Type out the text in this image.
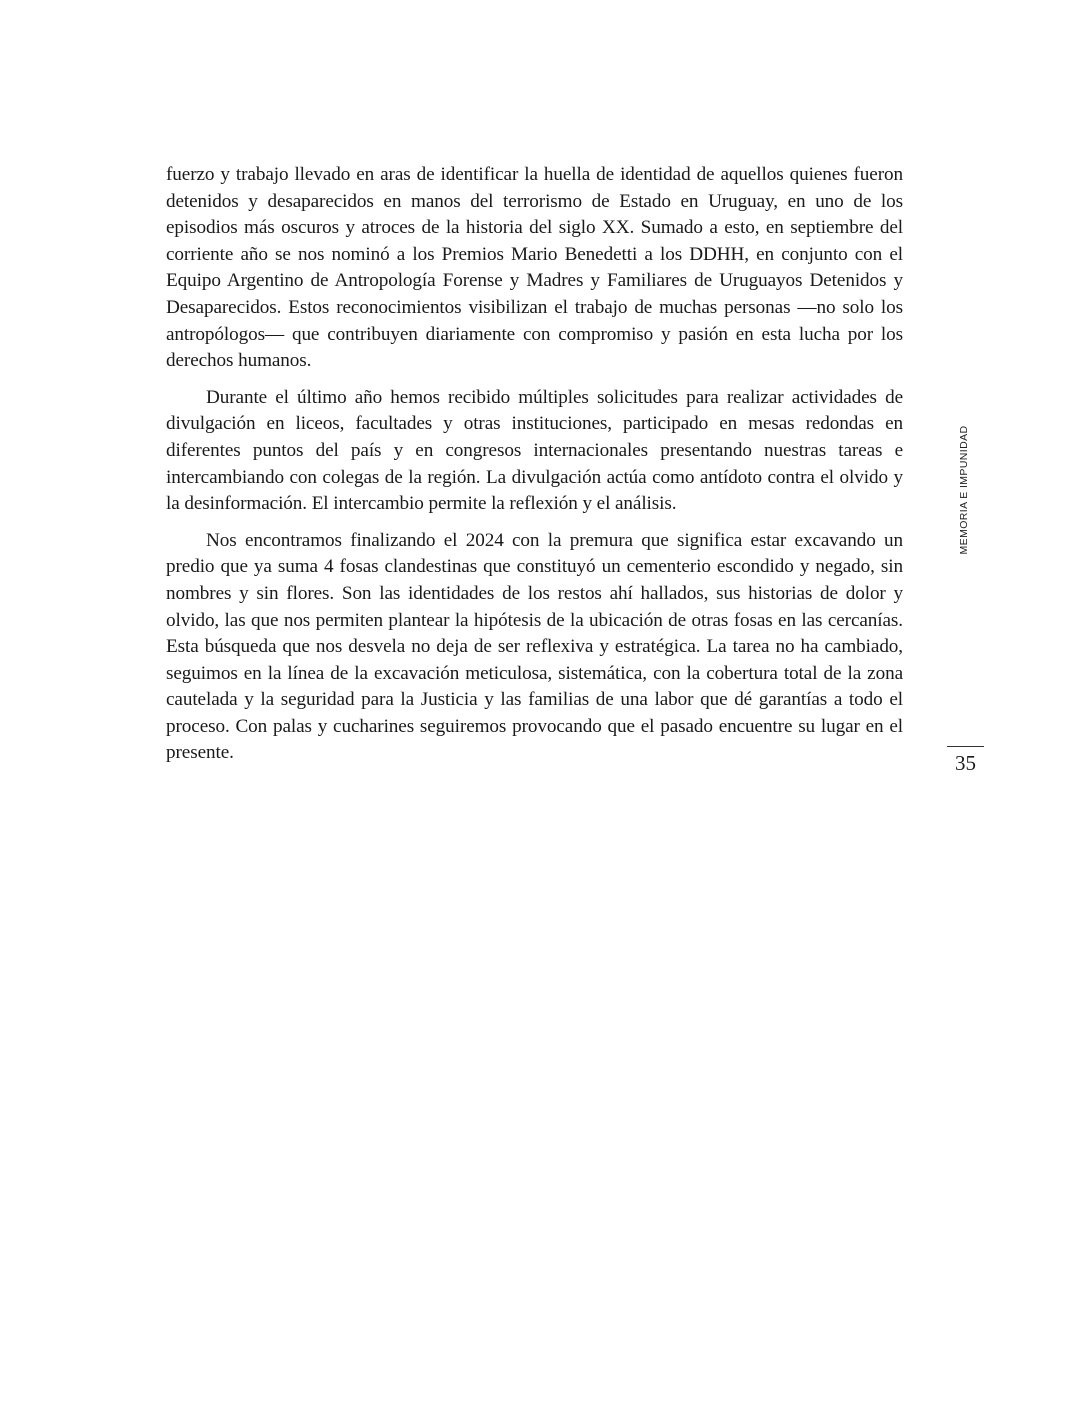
fuerzo y trabajo llevado en aras de identificar la huella de identidad de aquellos quienes fueron detenidos y desaparecidos en manos del terrorismo de Estado en Uruguay, en uno de los episodios más oscuros y atroces de la historia del siglo XX. Sumado a esto, en septiembre del corriente año se nos nominó a los Premios Mario Benedetti a los DDHH, en conjunto con el Equipo Argentino de Antropología Forense y Madres y Familiares de Uruguayos Detenidos y Desaparecidos. Estos reconocimientos visibilizan el trabajo de muchas personas —no solo los antropólogos— que contribuyen diariamente con compromiso y pasión en esta lucha por los derechos humanos.

Durante el último año hemos recibido múltiples solicitudes para realizar actividades de divulgación en liceos, facultades y otras instituciones, participado en mesas redondas en diferentes puntos del país y en congresos internacionales presentando nuestras tareas e intercambiando con colegas de la región. La divulgación actúa como antídoto contra el olvido y la desinformación. El intercambio permite la reflexión y el análisis.

Nos encontramos finalizando el 2024 con la premura que significa estar excavando un predio que ya suma 4 fosas clandestinas que constituyó un cementerio escondido y negado, sin nombres y sin flores. Son las identidades de los restos ahí hallados, sus historias de dolor y olvido, las que nos permiten plantear la hipótesis de la ubicación de otras fosas en las cercanías. Esta búsqueda que nos desvela no deja de ser reflexiva y estratégica. La tarea no ha cambiado, seguimos en la línea de la excavación meticulosa, sistemática, con la cobertura total de la zona cautelada y la seguridad para la Justicia y las familias de una labor que dé garantías a todo el proceso. Con palas y cucharines seguiremos provocando que el pasado encuentre su lugar en el presente.

MEMORIA E IMPUNIDAD
35
